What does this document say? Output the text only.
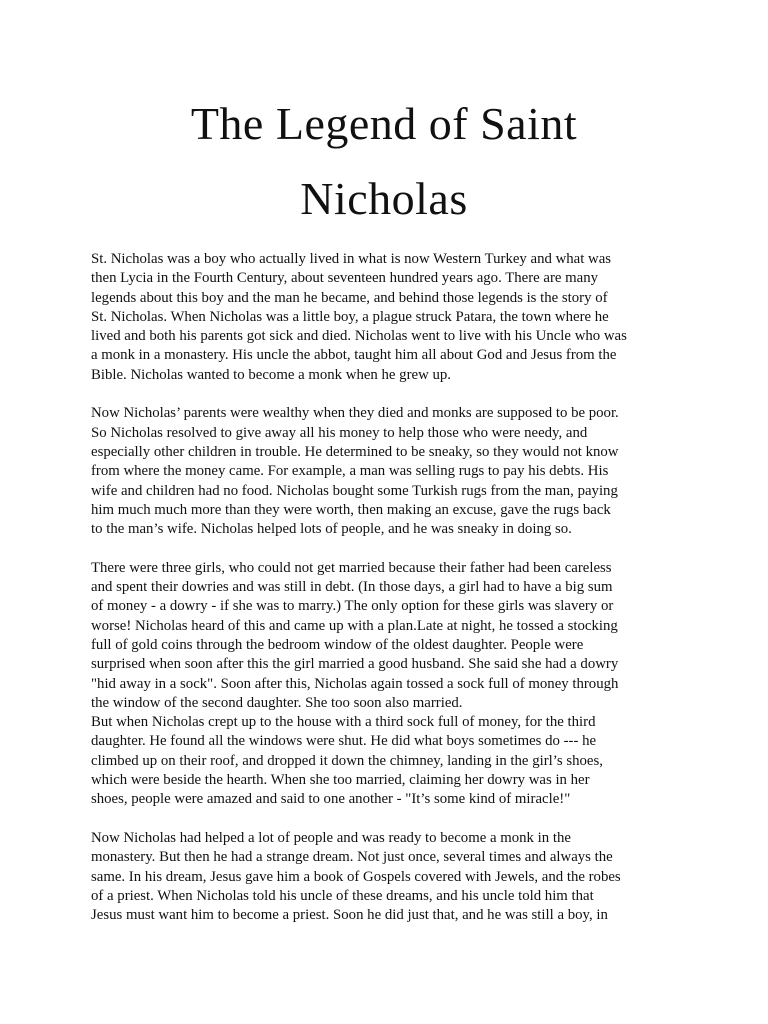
The Legend of Saint
Nicholas

St. Nicholas was a boy who actually lived in what is now Western Turkey and what was
then Lycia in the Fourth Century, about seventeen hundred years ago. There are many
legends about this boy and the man he became, and behind those legends is the story of
St. Nicholas. When Nicholas was a little boy, a plague struck Patara, the town where he
lived and both his parents got sick and died. Nicholas went to live with his Uncle who was
a monk in a monastery. His uncle the abbot, taught him all about God and Jesus from the
Bible. Nicholas wanted to become a monk when he grew up.

Now Nicholas’ parents were wealthy when they died and monks are supposed to be poor.
So Nicholas resolved to give away all his money to help those who were needy, and
especially other children in trouble. He determined to be sneaky, so they would not know
from where the money came. For example, a man was selling rugs to pay his debts. His
wife and children had no food. Nicholas bought some Turkish rugs from the man, paying
him much much more than they were worth, then making an excuse, gave the rugs back
to the man’s wife. Nicholas helped lots of people, and he was sneaky in doing so.

There were three girls, who could not get married because their father had been careless
and spent their dowries and was still in debt. (In those days, a girl had to have a big sum
of money - a dowry - if she was to marry.) The only option for these girls was slavery or
worse! Nicholas heard of this and came up with a plan.Late at night, he tossed a stocking
full of gold coins through the bedroom window of the oldest daughter. People were
surprised when soon after this the girl married a good husband. She said she had a dowry
"hid away in a sock". Soon after this, Nicholas again tossed a sock full of money through
the window of the second daughter. She too soon also married.
But when Nicholas crept up to the house with a third sock full of money, for the third
daughter. He found all the windows were shut. He did what boys sometimes do --- he
climbed up on their roof, and dropped it down the chimney, landing in the girl’s shoes,
which were beside the hearth. When she too married, claiming her dowry was in her
shoes, people were amazed and said to one another - "It’s some kind of miracle!"

Now Nicholas had helped a lot of people and was ready to become a monk in the
monastery. But then he had a strange dream. Not just once, several times and always the
same. In his dream, Jesus gave him a book of Gospels covered with Jewels, and the robes
of a priest. When Nicholas told his uncle of these dreams, and his uncle told him that
Jesus must want him to become a priest. Soon he did just that, and he was still a boy, in
